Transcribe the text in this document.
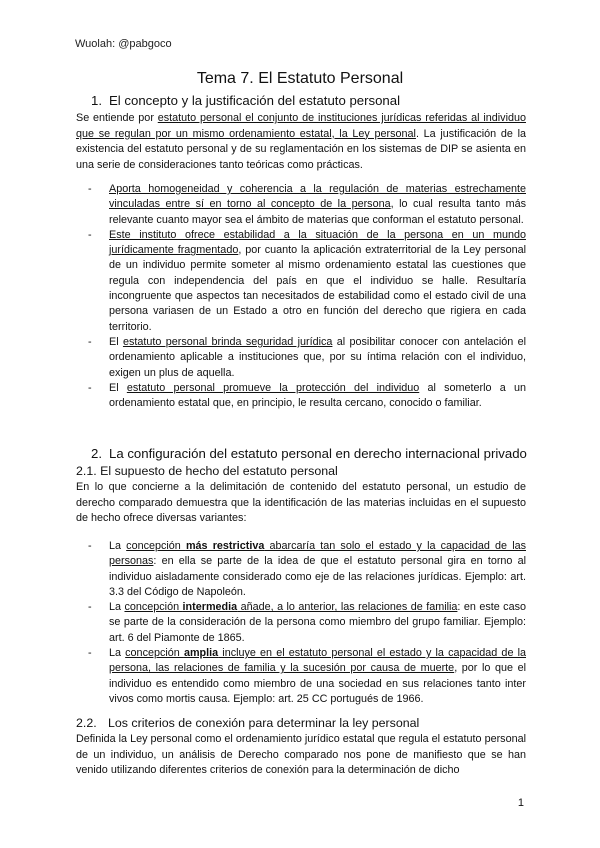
Wuolah: @pabgoco
Tema 7. El Estatuto Personal
1. El concepto y la justificación del estatuto personal

Se entiende por estatuto personal el conjunto de instituciones jurídicas referidas al individuo que se regulan por un mismo ordenamiento estatal, la Ley personal. La justificación de la existencia del estatuto personal y de su reglamentación en los sistemas de DIP se asienta en una serie de consideraciones tanto teóricas como prácticas.

- Aporta homogeneidad y coherencia a la regulación de materias estrechamente vinculadas entre sí en torno al concepto de la persona, lo cual resulta tanto más relevante cuanto mayor sea el ámbito de materias que conforman el estatuto personal.
- Este instituto ofrece estabilidad a la situación de la persona en un mundo jurídicamente fragmentado, por cuanto la aplicación extraterritorial de la Ley personal de un individuo permite someter al mismo ordenamiento estatal las cuestiones que regula con independencia del país en que el individuo se halle. Resultaría incongruente que aspectos tan necesitados de estabilidad como el estado civil de una persona variasen de un Estado a otro en función del derecho que rigiera en cada territorio.
- El estatuto personal brinda seguridad jurídica al posibilitar conocer con antelación el ordenamiento aplicable a instituciones que, por su íntima relación con el individuo, exigen un plus de aquella.
- El estatuto personal promueve la protección del individuo al someterlo a un ordenamiento estatal que, en principio, le resulta cercano, conocido o familiar.
2. La configuración del estatuto personal en derecho internacional privado
2.1. El supuesto de hecho del estatuto personal

En lo que concierne a la delimitación de contenido del estatuto personal, un estudio de derecho comparado demuestra que la identificación de las materias incluidas en el supuesto de hecho ofrece diversas variantes:

- La concepción más restrictiva abarcaría tan solo el estado y la capacidad de las personas: en ella se parte de la idea de que el estatuto personal gira en torno al individuo aisladamente considerado como eje de las relaciones jurídicas. Ejemplo: art. 3.3 del Código de Napoleón.
- La concepción intermedia añade, a lo anterior, las relaciones de familia: en este caso se parte de la consideración de la persona como miembro del grupo familiar. Ejemplo: art. 6 del Piamonte de 1865.
- La concepción amplia incluye en el estatuto personal el estado y la capacidad de la persona, las relaciones de familia y la sucesión por causa de muerte, por lo que el individuo es entendido como miembro de una sociedad en sus relaciones tanto inter vivos como mortis causa. Ejemplo: art. 25 CC portugués de 1966.
2.2. Los criterios de conexión para determinar la ley personal

Definida la Ley personal como el ordenamiento jurídico estatal que regula el estatuto personal de un individuo, un análisis de Derecho comparado nos pone de manifiesto que se han venido utilizando diferentes criterios de conexión para la determinación de dicho

1
